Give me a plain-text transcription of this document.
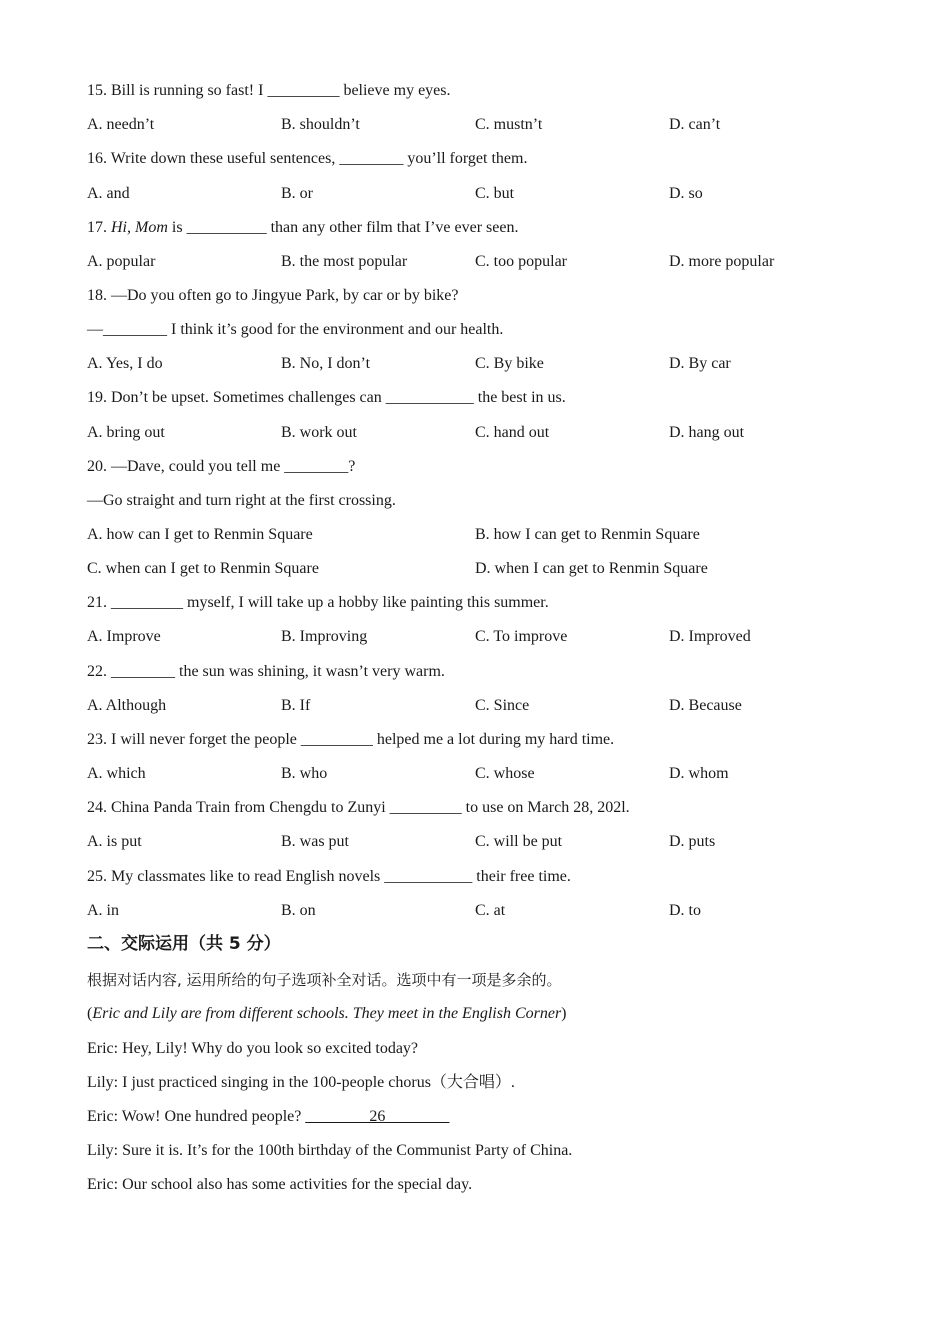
15. Bill is running so fast! I _________ believe my eyes.
A. needn’t	B. shouldn’t	C. mustn’t	D. can’t
16. Write down these useful sentences, ________ you’ll forget them.
A. and	B. or	C. but	D. so
17. Hi, Mom is __________ than any other film that I’ve ever seen.
A. popular	B. the most popular	C. too popular	D. more popular
18. —Do you often go to Jingyue Park, by car or by bike?
—________ I think it’s good for the environment and our health.
A. Yes, I do	B. No, I don’t	C. By bike	D. By car
19. Don’t be upset. Sometimes challenges can ___________ the best in us.
A. bring out	B. work out	C. hand out	D. hang out
20. —Dave, could you tell me ________?
—Go straight and turn right at the first crossing.
A. how can I get to Renmin Square	B. how I can get to Renmin Square
C. when can I get to Renmin Square	D. when I can get to Renmin Square
21. _________ myself, I will take up a hobby like painting this summer.
A. Improve	B. Improving	C. To improve	D. Improved
22. ________ the sun was shining, it wasn’t very warm.
A. Although	B. If	C. Since	D. Because
23. I will never forget the people _________ helped me a lot during my hard time.
A. which	B. who	C. whose	D. whom
24. China Panda Train from Chengdu to Zunyi _________ to use on March 28, 202l.
A. is put	B. was put	C. will be put	D. puts
25. My classmates like to read English novels ___________ their free time.
A. in	B. on	C. at	D. to
二、交际运用（共 5 分）
根据对话内容, 运用所给的句子选项补全对话。选项中有一项是多余的。
(Eric and Lily are from different schools. They meet in the English Corner)
Eric: Hey, Lily! Why do you look so excited today?
Lily: I just practiced singing in the 100-people chorus（大合唱）.
Eric: Wow! One hundred people? ________26________
Lily: Sure it is. It’s for the 100th birthday of the Communist Party of China.
Eric: Our school also has some activities for the special day.
